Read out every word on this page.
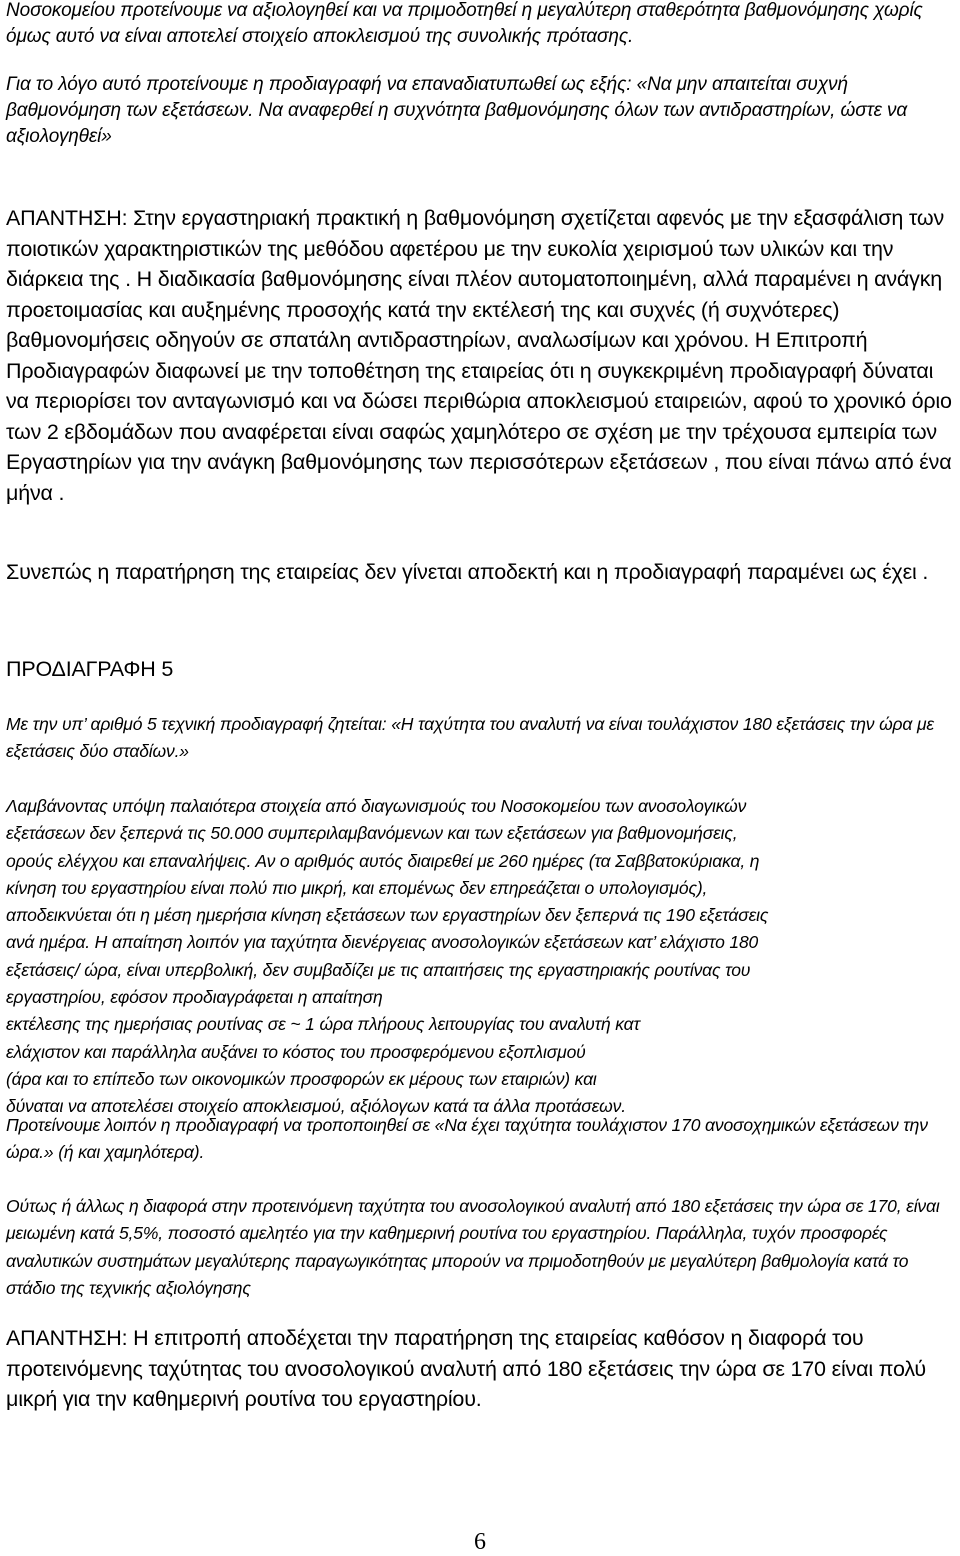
Νοσοκομείου προτείνουμε να αξιολογηθεί και να πριμοδοτηθεί η μεγαλύτερη σταθερότητα βαθμονόμησης χωρίς όμως αυτό να είναι αποτελεί στοιχείο αποκλεισμού της συνολικής πρότασης.

Για το λόγο αυτό προτείνουμε η προδιαγραφή να επαναδιατυπωθεί ως εξής: «Να μην απαιτείται συχνή βαθμονόμηση των εξετάσεων. Να αναφερθεί η συχνότητα βαθμονόμησης όλων των αντιδραστηρίων, ώστε να αξιολογηθεί»

ΑΠΑΝΤΗΣΗ: Στην εργαστηριακή πρακτική η βαθμονόμηση σχετίζεται αφενός με την εξασφάλιση των ποιοτικών χαρακτηριστικών της μεθόδου αφετέρου με την ευκολία χειρισμού των υλικών και την διάρκεια της . Η διαδικασία βαθμονόμησης είναι πλέον αυτοματοποιημένη, αλλά παραμένει η ανάγκη προετοιμασίας και αυξημένης προσοχής κατά την εκτέλεσή της και συχνές (ή συχνότερες) βαθμονομήσεις οδηγούν σε σπατάλη αντιδραστηρίων, αναλωσίμων και χρόνου. Η Επιτροπή Προδιαγραφών διαφωνεί με την τοποθέτηση της εταιρείας ότι η συγκεκριμένη προδιαγραφή δύναται να περιορίσει τον ανταγωνισμό και να δώσει περιθώρια αποκλεισμού εταιρειών, αφού το χρονικό όριο των 2 εβδομάδων που αναφέρεται είναι σαφώς χαμηλότερο σε σχέση με την τρέχουσα εμπειρία των Εργαστηρίων για την ανάγκη βαθμονόμησης των περισσότερων εξετάσεων , που είναι πάνω από ένα μήνα .

Συνεπώς η παρατήρηση της εταιρείας δεν γίνεται αποδεκτή και η προδιαγραφή παραμένει ως έχει .

ΠΡΟΔΙΑΓΡΑΦΗ 5

Με την υπ’ αριθμό 5 τεχνική προδιαγραφή ζητείται: «Η ταχύτητα του αναλυτή να είναι τουλάχιστον 180 εξετάσεις την ώρα με εξετάσεις δύο σταδίων.»

Λαμβάνοντας υπόψη παλαιότερα στοιχεία από διαγωνισμούς του Νοσοκομείου των ανοσολογικών
εξετάσεων δεν ξεπερνά τις 50.000 συμπεριλαμβανόμενων και των εξετάσεων για βαθμονομήσεις,
ορούς ελέγχου και επαναλήψεις. Αν ο αριθμός αυτός διαιρεθεί με 260 ημέρες (τα Σαββατοκύριακα, η
κίνηση του εργαστηρίου είναι πολύ πιο μικρή, και επομένως δεν επηρεάζεται ο υπολογισμός),
αποδεικνύεται ότι η μέση ημερήσια κίνηση εξετάσεων των εργαστηρίων δεν ξεπερνά τις 190 εξετάσεις
ανά ημέρα. Η απαίτηση λοιπόν για ταχύτητα διενέργειας ανοσολογικών εξετάσεων κατ’ ελάχιστο 180
εξετάσεις/ ώρα, είναι υπερβολική, δεν συμβαδίζει με τις απαιτήσεις της εργαστηριακής ρουτίνας του
εργαστηρίου, εφόσον προδιαγράφεται η απαίτηση
εκτέλεσης της ημερήσιας ρουτίνας σε ~ 1 ώρα πλήρους λειτουργίας του αναλυτή κατ
ελάχιστον και παράλληλα αυξάνει το κόστος του προσφερόμενου εξοπλισμού
(άρα και το επίπεδο των οικονομικών προσφορών εκ μέρους των εταιριών) και
δύναται να αποτελέσει στοιχείο αποκλεισμού, αξιόλογων κατά τα άλλα προτάσεων.

Προτείνουμε λοιπόν η προδιαγραφή να τροποποιηθεί σε «Να έχει ταχύτητα τουλάχιστον 170 ανοσοχημικών εξετάσεων την ώρα.» (ή και χαμηλότερα).

Ούτως ή άλλως η διαφορά στην προτεινόμενη ταχύτητα του ανοσολογικού αναλυτή από 180 εξετάσεις την ώρα σε 170, είναι μειωμένη κατά 5,5%, ποσοστό αμελητέο για την καθημερινή ρουτίνα του εργαστηρίου. Παράλληλα, τυχόν προσφορές αναλυτικών συστημάτων μεγαλύτερης παραγωγικότητας μπορούν να πριμοδοτηθούν με μεγαλύτερη βαθμολογία κατά το στάδιο της τεχνικής αξιολόγησης

ΑΠΑΝΤΗΣΗ: Η επιτροπή αποδέχεται την παρατήρηση της εταιρείας καθόσον η διαφορά του προτεινόμενης ταχύτητας του ανοσολογικού αναλυτή από 180 εξετάσεις την ώρα σε 170 είναι πολύ μικρή για την καθημερινή ρουτίνα του εργαστηρίου.

6
